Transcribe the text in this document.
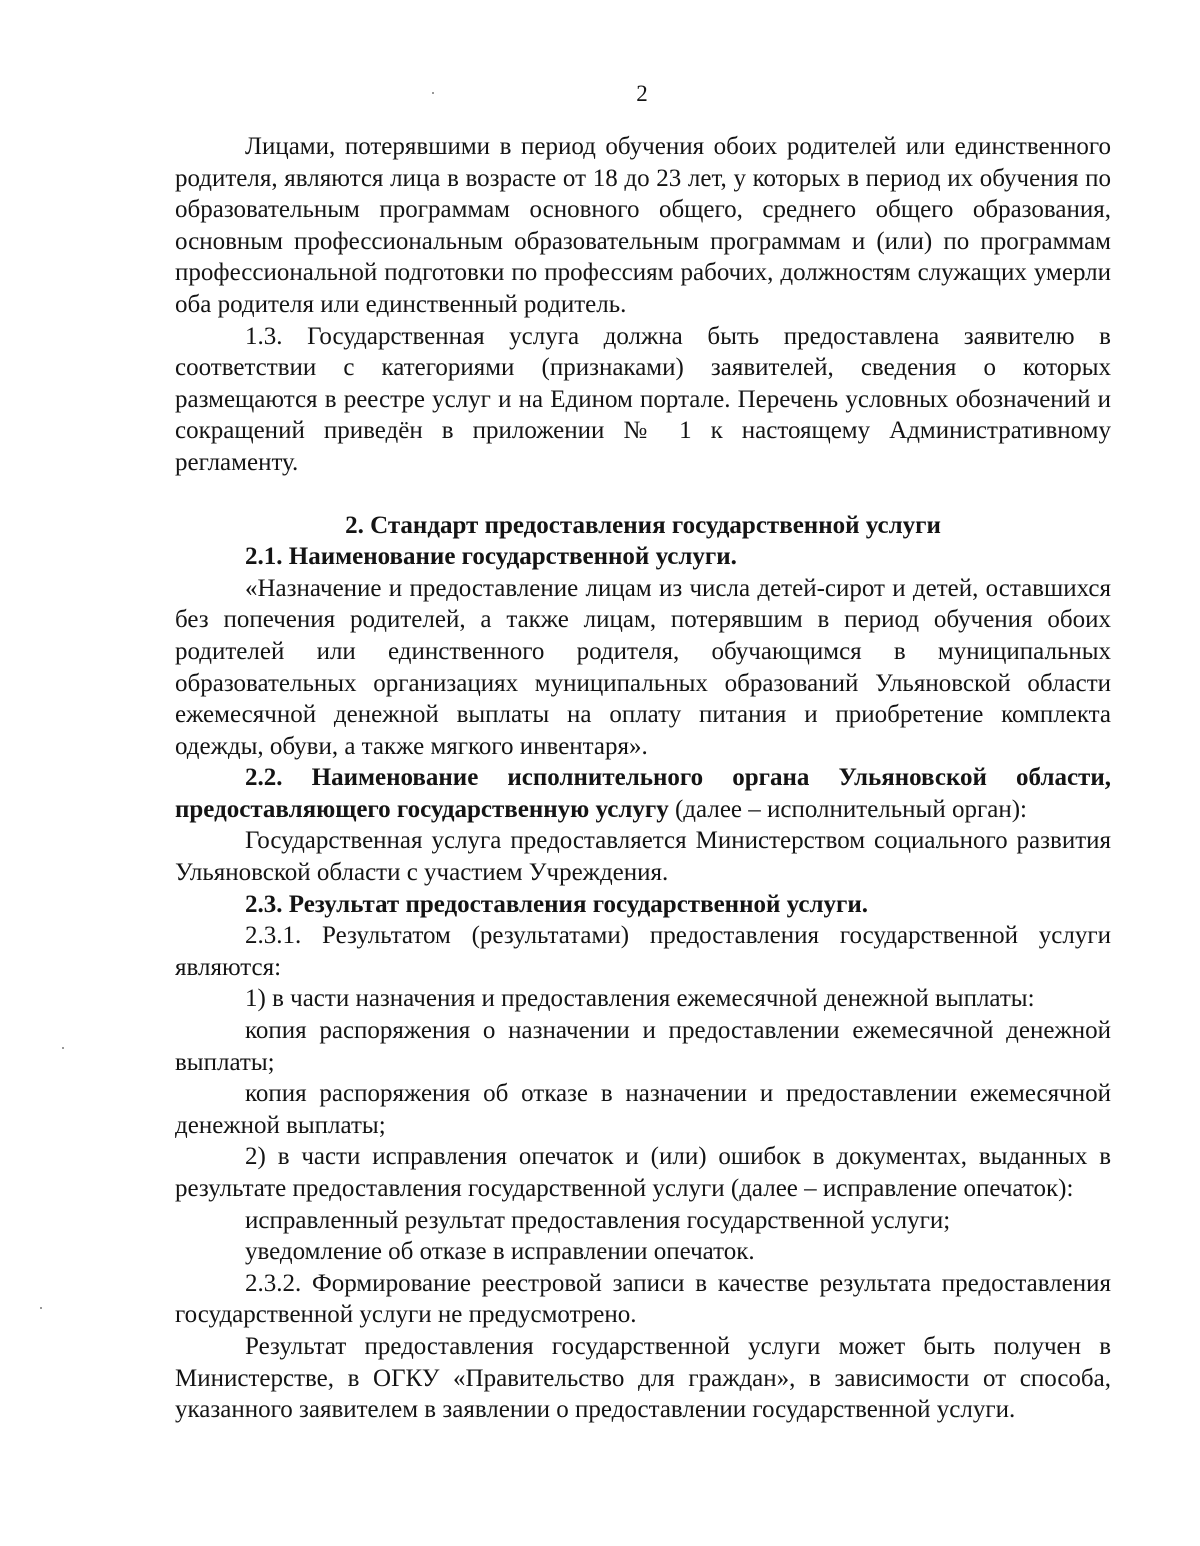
2

Лицами, потерявшими в период обучения обоих родителей или единственного родителя, являются лица в возрасте от 18 до 23 лет, у которых в период их обучения по образовательным программам основного общего, среднего общего образования, основным профессиональным образовательным программам и (или) по программам профессиональной подготовки по профессиям рабочих, должностям служащих умерли оба родителя или единственный родитель.

1.3. Государственная услуга должна быть предоставлена заявителю в соответствии с категориями (признаками) заявителей, сведения о которых размещаются в реестре услуг и на Едином портале. Перечень условных обозначений и сокращений приведён в приложении № 1 к настоящему Административному регламенту.

2. Стандарт предоставления государственной услуги

2.1. Наименование государственной услуги.

«Назначение и предоставление лицам из числа детей-сирот и детей, оставшихся без попечения родителей, а также лицам, потерявшим в период обучения обоих родителей или единственного родителя, обучающимся в муниципальных образовательных организациях муниципальных образований Ульяновской области ежемесячной денежной выплаты на оплату питания и приобретение комплекта одежды, обуви, а также мягкого инвентаря».

2.2. Наименование исполнительного органа Ульяновской области, предоставляющего государственную услугу (далее – исполнительный орган):

Государственная услуга предоставляется Министерством социального развития Ульяновской области с участием Учреждения.

2.3. Результат предоставления государственной услуги.

2.3.1. Результатом (результатами) предоставления государственной услуги являются:

1) в части назначения и предоставления ежемесячной денежной выплаты:

копия распоряжения о назначении и предоставлении ежемесячной денежной выплаты;

копия распоряжения об отказе в назначении и предоставлении ежемесячной денежной выплаты;

2) в части исправления опечаток и (или) ошибок в документах, выданных в результате предоставления государственной услуги (далее – исправление опечаток):

исправленный результат предоставления государственной услуги;

уведомление об отказе в исправлении опечаток.

2.3.2. Формирование реестровой записи в качестве результата предоставления государственной услуги не предусмотрено.

Результат предоставления государственной услуги может быть получен в Министерстве, в ОГКУ «Правительство для граждан», в зависимости от способа, указанного заявителем в заявлении о предоставлении государственной услуги.
